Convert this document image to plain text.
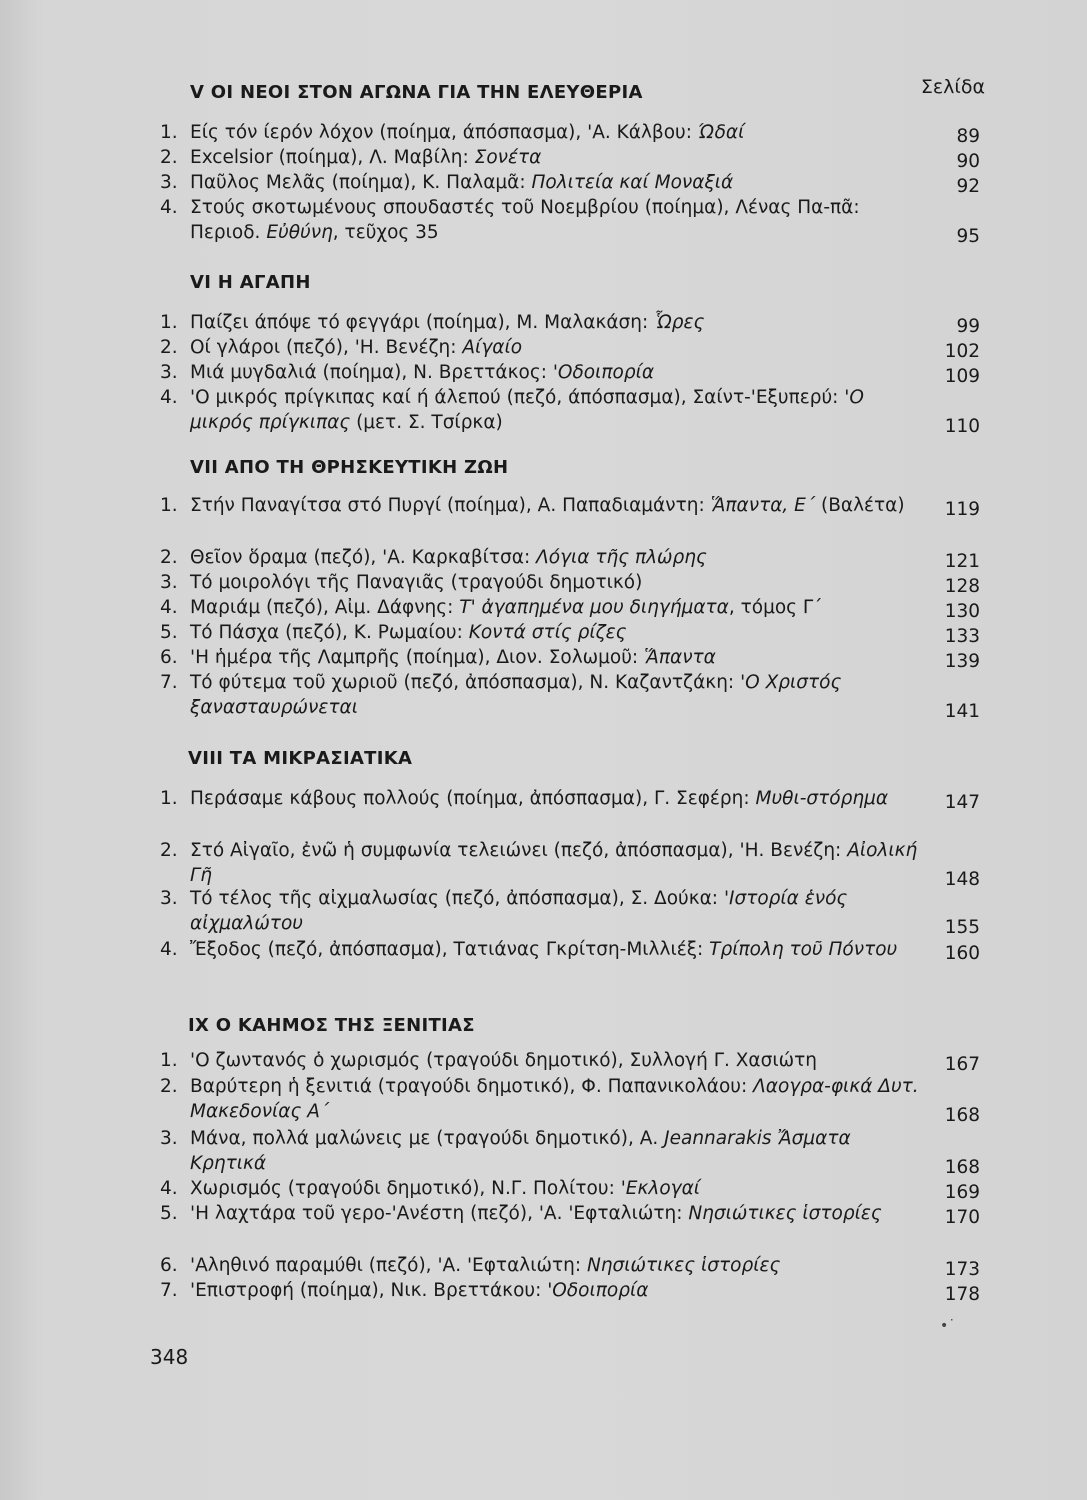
V ΟΙ ΝΕΟΙ ΣΤΟΝ ΑΓΩΝΑ ΓΙΑ ΤΗΝ ΕΛΕΥΘΕΡΙΑ	Σελίδα
1. Είς τόν ίερόν λόχον (ποίημα, άπόσπασμα), 'Α. Κάλβου: Ώδαί	89
2. Excelsior (ποίημα), Λ. Μαβίλη: Σονέτα	90
3. Παῦλος Μελᾶς (ποίημα), Κ. Παλαμᾶ: Πολιτεία καί Μοναξιά	92
4. Στούς σκοτωμένους σπουδαστές τοῦ Νοεμβρίου (ποίημα), Λένας Πα-πᾶ: Περιοδ. Εὐθύνη, τεῦχος 35	95
VI Η ΑΓΑΠΗ
1. Παίζει άπόψε τό φεγγάρι (ποίημα), Μ. Μαλακάση: Ὧρες	99
2. Οί γλάροι (πεζό), 'Η. Βενέζη: Αίγαίο	102
3. Μιά μυγδαλιά (ποίημα), Ν. Βρεττάκος: 'Οδοιπορία	109
4. 'Ο μικρός πρίγκιπας καί ή άλεπού (πεζό, άπόσπασμα), Σαίντ-'Εξυπερύ: 'Ο μικρός πρίγκιπας (μετ. Σ. Τσίρκα)	110
VII ΑΠΟ ΤΗ ΘΡΗΣΚΕΥΤΙΚΗ ΖΩΗ
1. Στήν Παναγίτσα στό Πυργί (ποίημα), Α. Παπαδιαμάντη: Ἅπαντα, Ε΄ (Βαλέτα)	119
2. Θεῖον ὅραμα (πεζό), 'Α. Καρκαβίτσα: Λόγια τῆς πλώρης	121
3. Τό μοιρολόγι τῆς Παναγιᾶς (τραγούδι δημοτικό)	128
4. Μαριάμ (πεζό), Αἰμ. Δάφνης: Τ' ἀγαπημένα μου διηγήματα, τόμος Γ΄	130
5. Τό Πάσχα (πεζό), Κ. Ρωμαίου: Κοντά στίς ρίζες	133
6. 'Η ἡμέρα τῆς Λαμπρῆς (ποίημα), Διον. Σολωμοῦ: Ἅπαντα	139
7. Τό φύτεμα τοῦ χωριοῦ (πεζό, ἀπόσπασμα), Ν. Καζαντζάκη: 'Ο Χριστός ξανασταυρώνεται	141
VIII ΤΑ ΜΙΚΡΑΣΙΑΤΙΚΑ
1. Περάσαμε κάβους πολλούς (ποίημα, ἀπόσπασμα), Γ. Σεφέρη: Μυθι-στόρημα	147
2. Στό Αἰγαῖο, ἐνῶ ἡ συμφωνία τελειώνει (πεζό, ἀπόσπασμα), 'Η. Βενέζη: Αἰολική Γῆ	148
3. Τό τέλος τῆς αἰχμαλωσίας (πεζό, ἀπόσπασμα), Σ. Δούκα: 'Ιστορία ἑνός αἰχμαλώτου	155
4. Ἔξοδος (πεζό, ἀπόσπασμα), Τατιάνας Γκρίτση-Μιλλιέξ: Τρίπολη τοῦ Πόντου	160
IX Ο ΚΑΗΜΟΣ ΤΗΣ ΞΕΝΙΤΙΑΣ
1. 'Ο ζωντανός ὁ χωρισμός (τραγούδι δημοτικό), Συλλογή Γ. Χασιώτη	167
2. Βαρύτερη ἡ ξενιτιά (τραγούδι δημοτικό), Φ. Παπανικολάου: Λαογρα-φικά Δυτ. Μακεδονίας Α΄	168
3. Μάνα, πολλά μαλώνεις με (τραγούδι δημοτικό), Α. Jeannarakis Ἄσματα Κρητικά	168
4. Χωρισμός (τραγούδι δημοτικό), Ν.Γ. Πολίτου: 'Εκλογαί	169
5. 'Η λαχτάρα τοῦ γερο-'Ανέστη (πεζό), 'Α. 'Εφταλιώτη: Νησιώτικες ἱστορίες	170
6. 'Αληθινό παραμύθι (πεζό), 'Α. 'Εφταλιώτη: Νησιώτικες ἱστορίες	173
7. 'Επιστροφή (ποίημα), Νικ. Βρεττάκου: 'Οδοιπορία	178
•˙
348
